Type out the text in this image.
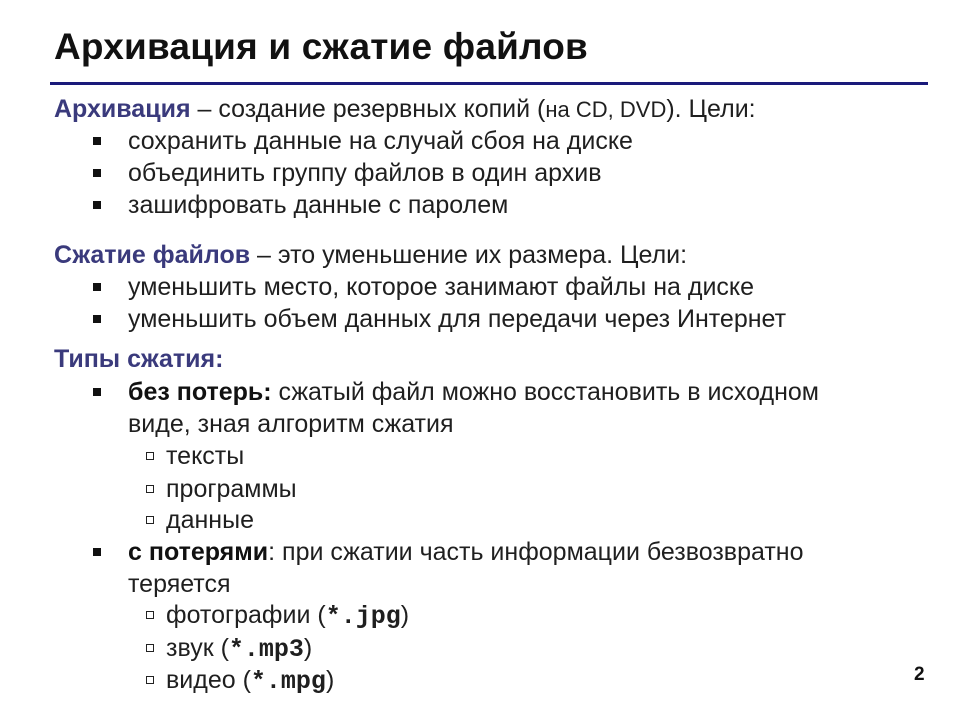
Архивация и сжатие файлов
Архивация – создание резервных копий (на CD, DVD). Цели:
сохранить данные на случай сбоя на диске
объединить группу файлов в один архив
зашифровать данные с паролем
Сжатие файлов – это уменьшение их размера. Цели:
уменьшить место, которое занимают файлы на диске
уменьшить объем данных для передачи через Интернет
Типы сжатия:
без потерь: сжатый файл можно восстановить в исходном
виде, зная алгоритм сжатия
тексты
программы
данные
с потерями: при сжатии часть информации безвозвратно
теряется
фотографии (*.jpg)
звук (*.mp3)
видео (*.mpg)	2
